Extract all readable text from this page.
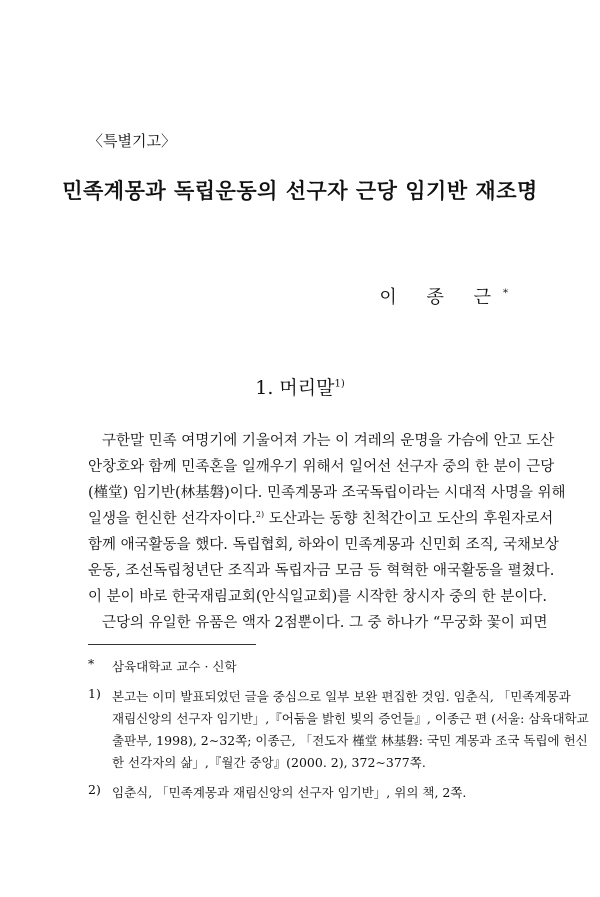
〈특별기고〉
민족계몽과 독립운동의 선구자 근당 임기반 재조명
이 종 근*
1. 머리말$^{1)}$
구한말 민족 여명기에 기울어져 가는 이 겨레의 운명을 가슴에 안고 도산
안창호와 함께 민족혼을 일깨우기 위해서 일어선 선구자 중의 한 분이 근당
(槿堂) 임기반(林基磐)이다. 민족계몽과 조국독립이라는 시대적 사명을 위해
일생을 헌신한 선각자이다.$^{2)}$ 도산과는 동향 친척간이고 도산의 후원자로서
함께 애국활동을 했다. 독립협회, 하와이 민족계몽과 신민회 조직, 국채보상
운동, 조선독립청년단 조직과 독립자금 모금 등 혁혁한 애국활동을 펼쳤다.
이 분이 바로 한국재림교회(안식일교회)를 시작한 창시자 중의 한 분이다.
근당의 유일한 유품은 액자 2점뿐이다. 그 중 하나가 “무궁화 꽃이 피면
*	삼육대학교 교수 · 신학
1) 본고는 이미 발표되었던 글을 중심으로 일부 보완 편집한 것임. 임춘식, 「민족계몽과
재림신앙의 선구자 임기반」,『어둠을 밝힌 빛의 증언들』, 이종근 편 (서울: 삼육대학교
출판부, 1998), 2∼32쪽; 이종근, 「전도자 槿堂 林基磐: 국민 계몽과 조국 독립에 헌신
한 선각자의 삶」,『월간 중앙』(2000. 2), 372∼377쪽.
2) 임춘식, 「민족계몽과 재림신앙의 선구자 임기반」, 위의 책, 2쪽.
